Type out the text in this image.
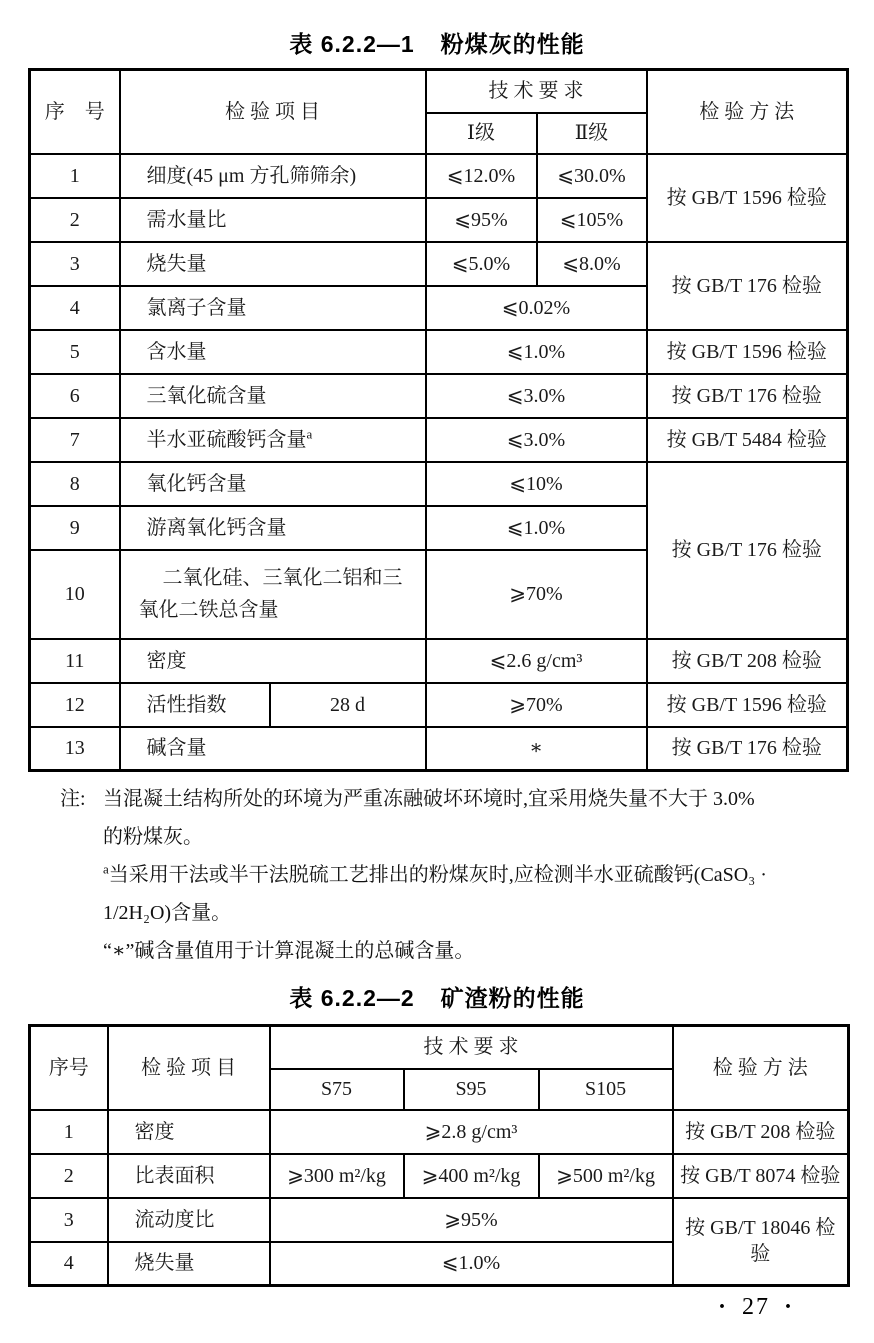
表 6.2.2—1 粉煤灰的性能
序　号	检 验 项 目		技 术 要 求		检 验 方 法
			Ⅰ级	Ⅱ级	
1	细度(45 μm 方孔筛筛余)		⩽12.0%	⩽30.0%	按 GB/T 1596 检验
2	需水量比		⩽95%	⩽105%	
3	烧失量		⩽5.0%	⩽8.0%	按 GB/T 176 检验
4	氯离子含量		⩽0.02%		
5	含水量		⩽1.0%		按 GB/T 1596 检验
6	三氧化硫含量		⩽3.0%		按 GB/T 176 检验
7	半水亚硫酸钙含量$^a$		⩽3.0%		按 GB/T 5484 检验
8	氧化钙含量		⩽10%		按 GB/T 176 检验
9	游离氧化钙含量		⩽1.0%		
10	二氧化硅、三氧化二铝和三氧化二铁总含量		⩾70%		
11	密度		⩽2.6 g/cm³		按 GB/T 208 检验
12	活性指数	28 d	⩾70%		按 GB/T 1596 检验
13	碱含量		∗		按 GB/T 176 检验
注: 当混凝土结构所处的环境为严重冻融破坏环境时,宜采用烧失量不大于 3.0%
的粉煤灰。
$^a$当采用干法或半干法脱硫工艺排出的粉煤灰时,应检测半水亚硫酸钙(CaSO₃ ·
1/2H₂O)含量。
“∗”碱含量值用于计算混凝土的总碱含量。
表 6.2.2—2 矿渣粉的性能
序号	检 验 项 目	技 术 要 求			检 验 方 法
		S75	S95	S105	
1	密度	⩾2.8 g/cm³			按 GB/T 208 检验
2	比表面积	⩾300 m²/kg	⩾400 m²/kg	⩾500 m²/kg	按 GB/T 8074 检验
3	流动度比	⩾95%			按 GB/T 18046 检验
4	烧失量	⩽1.0%			
· 27 ·
